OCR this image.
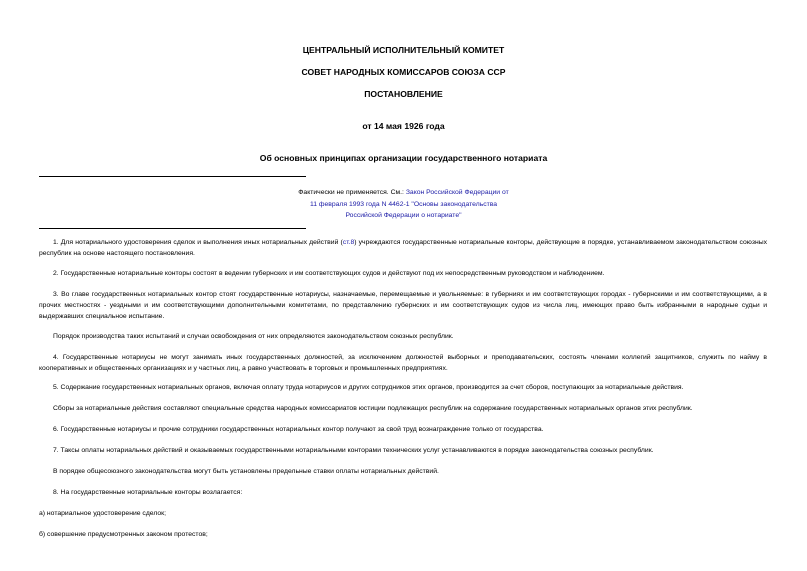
ЦЕНТРАЛЬНЫЙ ИСПОЛНИТЕЛЬНЫЙ КОМИТЕТ

СОВЕТ НАРОДНЫХ КОМИССАРОВ СОЮЗА ССР

ПОСТАНОВЛЕНИЕ

от 14 мая 1926 года

Об основных принципах организации государственного нотариата

Фактически не применяется. См.: Закон Российской Федерации от
11 февраля 1993 года N 4462-1 "Основы законодательства
Российской Федерации о нотариате"

1. Для нотариального удостоверения сделок и выполнения иных нотариальных действий (ст.8) учреждаются государственные нотариальные конторы, действующие в порядке, устанавливаемом законодательством союзных республик на основе настоящего постановления.

2. Государственные нотариальные конторы состоят в ведении губернских и им соответствующих судов и действуют под их непосредственным руководством и наблюдением.

3. Во главе государственных нотариальных контор стоят государственные нотариусы, назначаемые, перемещаемые и увольняемые: в губерниях и им соответствующих городах - губернскими и им соответствующими, а в прочих местностях - уездными и им соответствующими дополнительными комитетами, по представлению губернских и им соответствующих судов из числа лиц, имеющих право быть избранными в народные судьи и выдержавших специальное испытание.

Порядок производства таких испытаний и случаи освобождения от них определяются законодательством союзных республик.

4. Государственные нотариусы не могут занимать иных государственных должностей, за исключением должностей выборных и преподавательских, состоять членами коллегий защитников, служить по найму в кооперативных и общественных организациях и у частных лиц, а равно участвовать в торговых и промышленных предприятиях.

5. Содержание государственных нотариальных органов, включая оплату труда нотариусов и других сотрудников этих органов, производится за счет сборов, поступающих за нотариальные действия.

Сборы за нотариальные действия составляют специальные средства народных комиссариатов юстиции подлежащих республик на содержание государственных нотариальных органов этих республик.

6. Государственные нотариусы и прочие сотрудники государственных нотариальных контор получают за свой труд вознаграждение только от государства.

7. Таксы оплаты нотариальных действий и оказываемых государственными нотариальными конторами технических услуг устанавливаются в порядке законодательства союзных республик.

В порядке общесоюзного законодательства могут быть установлены предельные ставки оплаты нотариальных действий.

8. На государственные нотариальные конторы возлагается:

а) нотариальное удостоверение сделок;

б) совершение предусмотренных законом протестов;
